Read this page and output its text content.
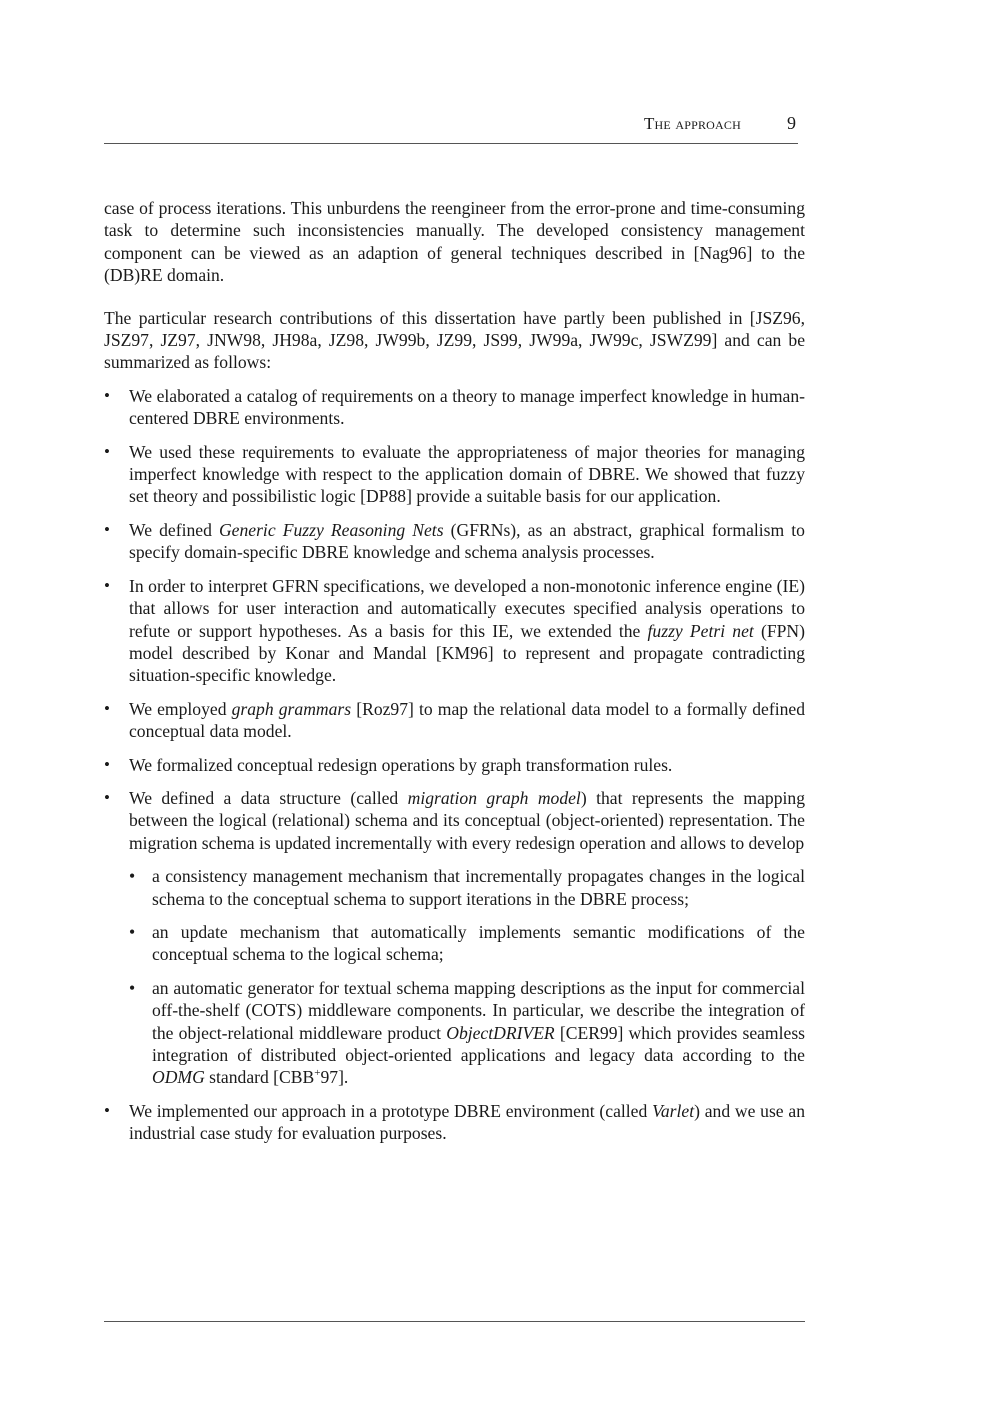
The approach	9

case of process iterations. This unburdens the reengineer from the error-prone and time-consuming task to determine such inconsistencies manually. The developed consistency management component can be viewed as an adaption of general techniques described in [Nag96] to the (DB)RE domain.

The particular research contributions of this dissertation have partly been published in [JSZ96, JSZ97, JZ97, JNW98, JH98a, JZ98, JW99b, JZ99, JS99, JW99a, JW99c, JSWZ99] and can be summarized as follows:

• We elaborated a catalog of requirements on a theory to manage imperfect knowledge in human-centered DBRE environments.
• We used these requirements to evaluate the appropriateness of major theories for managing imperfect knowledge with respect to the application domain of DBRE. We showed that fuzzy set theory and possibilistic logic [DP88] provide a suitable basis for our application.
• We defined Generic Fuzzy Reasoning Nets (GFRNs), as an abstract, graphical formalism to specify domain-specific DBRE knowledge and schema analysis processes.
• In order to interpret GFRN specifications, we developed a non-monotonic inference engine (IE) that allows for user interaction and automatically executes specified analysis operations to refute or support hypotheses. As a basis for this IE, we extended the fuzzy Petri net (FPN) model described by Konar and Mandal [KM96] to represent and propagate contradicting situation-specific knowledge.
• We employed graph grammars [Roz97] to map the relational data model to a formally defined conceptual data model.
• We formalized conceptual redesign operations by graph transformation rules.
• We defined a data structure (called migration graph model) that represents the mapping between the logical (relational) schema and its conceptual (object-oriented) representation. The migration schema is updated incrementally with every redesign operation and allows to develop
• a consistency management mechanism that incrementally propagates changes in the logical schema to the conceptual schema to support iterations in the DBRE process;
• an update mechanism that automatically implements semantic modifications of the conceptual schema to the logical schema;
• an automatic generator for textual schema mapping descriptions as the input for commercial off-the-shelf (COTS) middleware components. In particular, we describe the integration of the object-relational middleware product ObjectDRIVER [CER99] which provides seamless integration of distributed object-oriented applications and legacy data according to the ODMG standard [CBB+97].
• We implemented our approach in a prototype DBRE environment (called Varlet) and we use an industrial case study for evaluation purposes.
